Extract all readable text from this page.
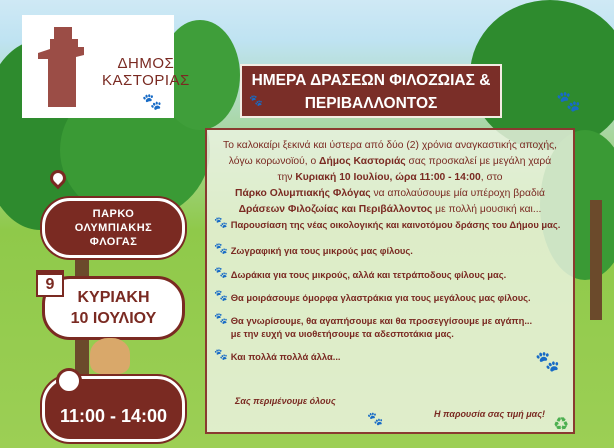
ΔΗΜΟΣ
ΚΑΣΤΟΡΙΑΣ
🐾
ΗΜΕΡΑ ΔΡΑΣΕΩΝ ΦΙΛΟΖΩΙΑΣ &
ΠΕΡΙΒΑΛΛΟΝΤΟΣ
🐾	🐾
ΠΑΡΚΟ
ΟΛΥΜΠΙΑΚΗΣ
ΦΛΟΓΑΣ
ΚΥΡΙΑΚΗ
10 ΙΟΥΛΙΟΥ
9
11:00 - 14:00
Το καλοκαίρι ξεκινά και ύστερα από δύο (2) χρόνια αναγκαστικής αποχής,
λόγω κορωνοϊού, ο Δήμος Καστοριάς σας προσκαλεί με μεγάλη χαρά
την Κυριακή 10 Ιουλίου, ώρα 11:00 - 14:00, στο
Πάρκο Ολυμπιακής Φλόγας να απολαύσουμε μία υπέροχη βραδιά
Δράσεων Φιλοζωίας και Περιβάλλοντος με πολλή μουσική και...
🐾 Παρουσίαση της νέας οικολογικής και καινοτόμου δράσης του Δήμου μας.
🐾 Ζωγραφική για τους μικρούς μας φίλους.
🐾 Δωράκια για τους μικρούς, αλλά και τετράποδους φίλους μας.
🐾 Θα μοιράσουμε όμορφα γλαστράκια για τους μεγάλους μας φίλους.
🐾 Θα γνωρίσουμε, θα αγαπήσουμε και θα προσεγγίσουμε με αγάπη...
με την ευχή να υιοθετήσουμε τα αδεσποτάκια μας.
🐾 Και πολλά πολλά άλλα...	🐾
Σας περιμένουμε όλους
🐾	Η παρουσία σας τιμή μας! ♻
